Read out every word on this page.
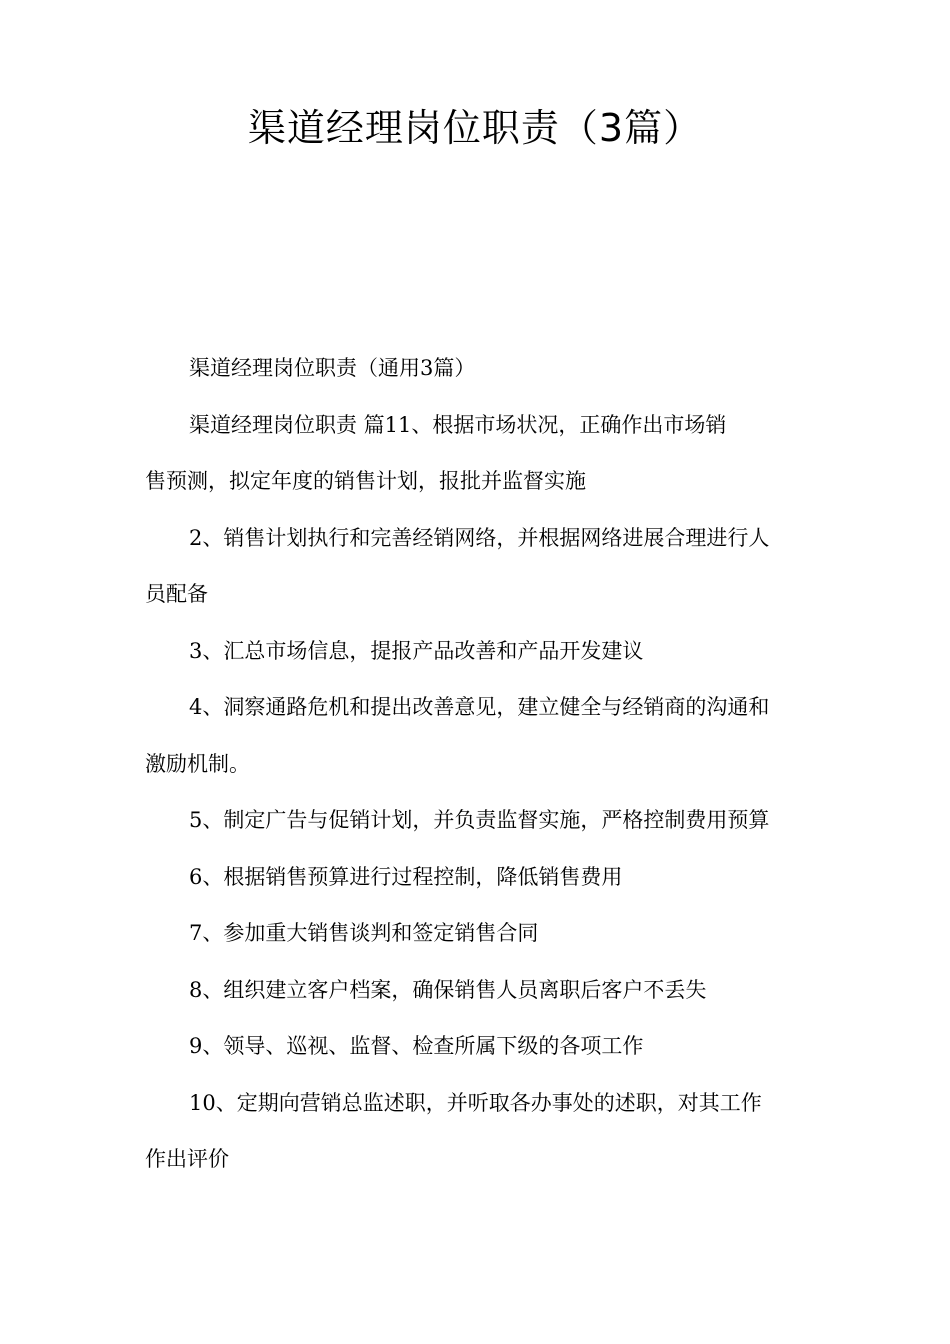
渠道经理岗位职责（3篇）
渠道经理岗位职责（通用3篇）
渠道经理岗位职责 篇11、根据市场状况，正确作出市场销
售预测，拟定年度的销售计划，报批并监督实施
2、销售计划执行和完善经销网络，并根据网络进展合理进行人
员配备
3、汇总市场信息，提报产品改善和产品开发建议
4、洞察通路危机和提出改善意见，建立健全与经销商的沟通和
激励机制。
5、制定广告与促销计划，并负责监督实施，严格控制费用预算
6、根据销售预算进行过程控制，降低销售费用
7、参加重大销售谈判和签定销售合同
8、组织建立客户档案，确保销售人员离职后客户不丢失
9、领导、巡视、监督、检查所属下级的各项工作
10、定期向营销总监述职，并听取各办事处的述职，对其工作
作出评价
